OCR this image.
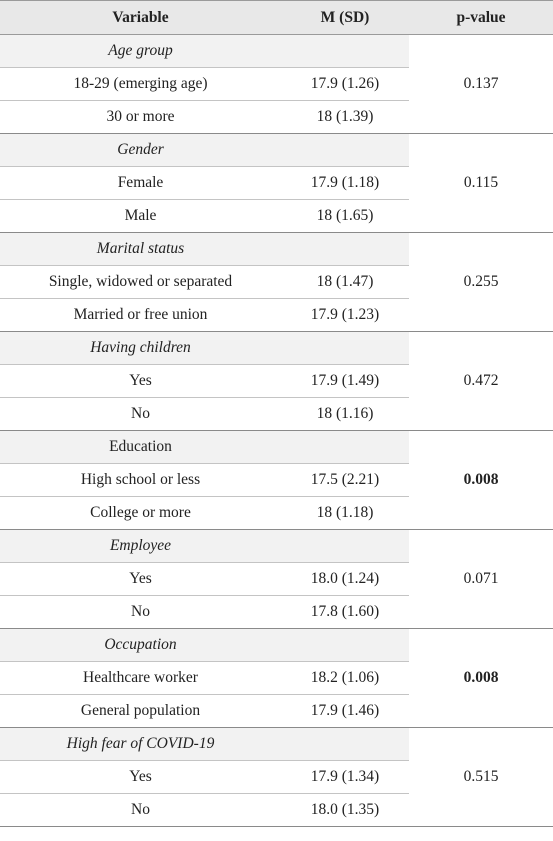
Variable	M (SD)	p-value
Age group		0.137
18-29 (emerging age)	17.9 (1.26)	
30 or more	18 (1.39)	
Gender		0.115
Female	17.9 (1.18)	
Male	18 (1.65)	
Marital status		0.255
Single, widowed or separated	18 (1.47)	
Married or free union	17.9 (1.23)	
Having children		0.472
Yes	17.9 (1.49)	
No	18 (1.16)	
Education		0.008
High school or less	17.5 (2.21)	
College or more	18 (1.18)	
Employee		0.071
Yes	18.0 (1.24)	
No	17.8 (1.60)	
Occupation		0.008
Healthcare worker	18.2 (1.06)	
General population	17.9 (1.46)	
High fear of COVID-19		0.515
Yes	17.9 (1.34)	
No	18.0 (1.35)	
